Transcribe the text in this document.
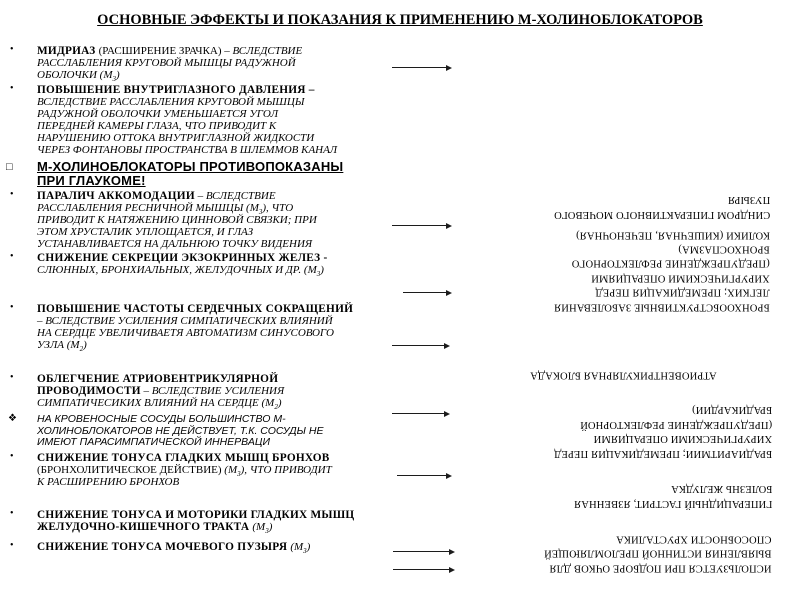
ОСНОВНЫЕ ЭФФЕКТЫ И ПОКАЗАНИЯ К ПРИМЕНЕНИЮ М-ХОЛИНОБЛОКАТОРОВ
• МИДРИАЗ (РАСШИРЕНИЕ ЗРАЧКА) – ВСЛЕДСТВИЕ
РАССЛАБЛЕНИЯ КРУГОВОЙ МЫШЦЫ РАДУЖНОЙ
ОБОЛОЧКИ $(М_3)$
• ПОВЫШЕНИЕ ВНУТРИГЛАЗНОГО ДАВЛЕНИЯ –
ВСЛЕДСТВИЕ РАССЛАБЛЕНИЯ КРУГОВОЙ МЫШЦЫ
РАДУЖНОЙ ОБОЛОЧКИ УМЕНЬШАЕТСЯ УГОЛ
ПЕРЕДНЕЙ КАМЕРЫ ГЛАЗА, ЧТО ПРИВОДИТ К
НАРУШЕНИЮ ОТТОКА ВНУТРИГЛАЗНОЙ ЖИДКОСТИ
ЧЕРЕЗ ФОНТАНОВЫ ПРОСТРАНСТВА В ШЛЕММОВ КАНАЛ
□ М-ХОЛИНОБЛОКАТОРЫ ПРОТИВОПОКАЗАНЫ
ПРИ ГЛАУКОМЕ!
• ПАРАЛИЧ АККОМОДАЦИИ – ВСЛЕДСТВИЕ
РАССЛАБЛЕНИЯ РЕСНИЧНОЙ МЫШЦЫ $(М_3)$, ЧТО
ПРИВОДИТ К НАТЯЖЕНИЮ ЦИННОВОЙ СВЯЗКИ; ПРИ
ЭТОМ ХРУСТАЛИК УПЛОЩАЕТСЯ, И ГЛАЗ
УСТАНАВЛИВАЕТСЯ НА ДАЛЬНЮЮ ТОЧКУ ВИДЕНИЯ
• СНИЖЕНИЕ СЕКРЕЦИИ ЭКЗОКРИННЫХ ЖЕЛЕЗ -
СЛЮННЫХ, БРОНХИАЛЬНЫХ, ЖЕЛУДОЧНЫХ И ДР. $(М_3)$
• ПОВЫШЕНИЕ ЧАСТОТЫ СЕРДЕЧНЫХ СОКРАЩЕНИЙ
– ВСЛЕДСТВИЕ УСИЛЕНИЯ СИМПАТИЧЕСКИХ ВЛИЯНИЙ
НА СЕРДЦЕ УВЕЛИЧИВАЕТЯ АВТОМАТИЗМ СИНУСОВОГО
УЗЛА $(М_2)$
• ОБЛЕГЧЕНИЕ АТРИОВЕНТРИКУЛЯРНОЙ
ПРОВОДИМОСТИ – ВСЛЕДСТВИЕ УСИЛЕНИЯ
СИМПАТИЧЕСИКИХ ВЛИЯНИЙ НА СЕРДЦЕ $(М_2)$
❖ НА КРОВЕНОСНЫЕ СОСУДЫ БОЛЬШИНСТВО М-
ХОЛИНОБЛОКАТОРОВ НЕ ДЕЙСТВУЕТ, Т.К. СОСУДЫ НЕ
ИМЕЮТ ПАРАСИМПАТИЧЕСКОЙ ИННЕРВАЦИ
• СНИЖЕНИЕ ТОНУСА ГЛАДКИХ МЫШЦ БРОНХОВ
(БРОНХОЛИТИЧЕСКОЕ ДЕЙСТВИЕ) $(М_3)$, ЧТО ПРИВОДИТ
К РАСШИРЕНИЮ БРОНХОВ
• СНИЖЕНИЕ ТОНУСА И МОТОРИКИ ГЛАДКИХ МЫШЦ
ЖЕЛУДОЧНО-КИШЕЧНОГО ТРАКТА $(М_3)$
• СНИЖЕНИЕ ТОНУСА МОЧЕВОГО ПУЗЫРЯ $(М_3)$
СИНДРОМ ГИПЕРАКТИВНОГО МОЧЕВОГО
ПУЗЫРЯ
КОЛИКИ (КИШЕЧНАЯ, ПЕЧЕНОЧНАЯ)
БРОНХООБСТРУКТИВНЫЕ ЗАБОЛЕВАНИЯ
ЛЕГКИХ; ПРЕМЕДИКАЦИЯ ПЕРЕД
ХИРУРГИЧЕСКИМИ ОПЕРАЦИЯМИ
(ПРЕДУПРЕЖДЕНИЕ РЕФЛЕКТОРНОГО
БРОНХОСПАЗМА)
АТРИОВЕНТРИКУЛЯРНАЯ БЛОКАДА
БРАДИАРИТМИИ; ПРЕМЕДИКАЦИЯ ПЕРЕД
ХИРУРГИЧЕСКИМИ ОПЕРАЦИЯМИ
(ПРЕДУПРЕЖДЕНИЕ РЕФЛЕКТОРНОЙ
БРАДИКАРДИИ)
ГИПЕРАЦИДНЫЙ ГАСТРИТ, ЯЗВЕННАЯ
БОЛЕЗНЬ ЖЕЛУДКА
ИСПОЛЬЗУЕТСЯ ПРИ ПОДБОРЕ ОЧКОВ ДЛЯ
ВЫЯВЛЕНИЯ ИСТИННОЙ ПРЕЛОМЛЯЮЩЕЙ
СПОСОБНОСТИ ХРУСТАЛИКА
